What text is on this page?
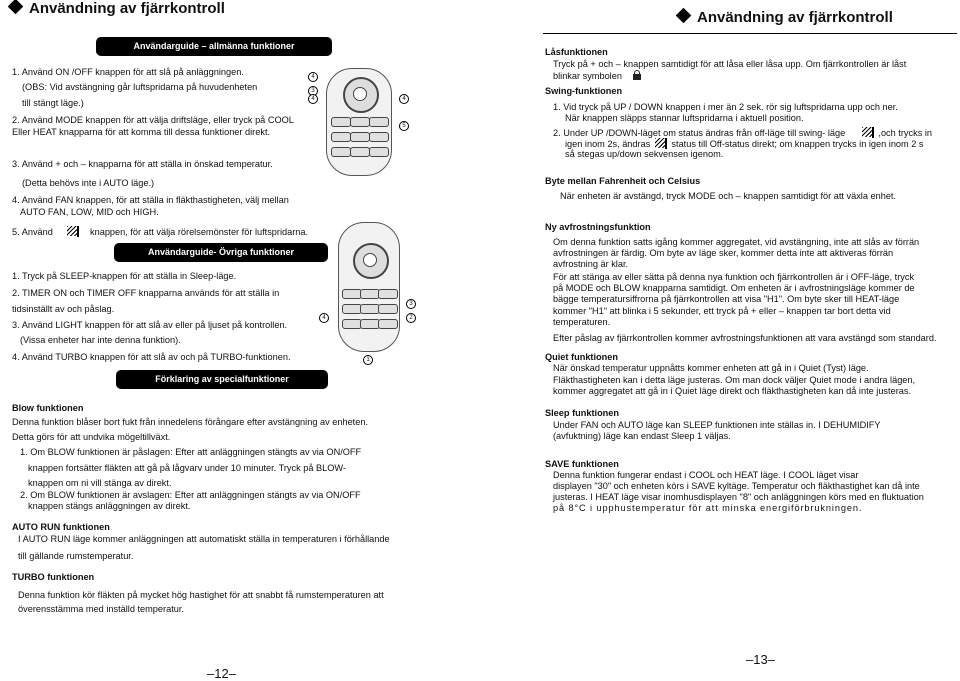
Användning av fjärrkontroll
Användarguide – allmänna funktioner
1. Använd ON /OFF knappen för att slå på anläggningen.
(OBS: Vid avstängning går luftspridarna på huvudenheten
till stängt läge.)
2. Använd MODE knappen för att välja driftsläge, eller tryck på COOL
Eller HEAT knapparna för att komma till dessa funktioner direkt.
3. Använd + och – knapparna för att ställa in önskad temperatur.
(Detta behövs inte i AUTO läge.)
4. Använd FAN knappen, för att ställa in fläkthastigheten, välj mellan
AUTO FAN, LOW, MID och HIGH.
5. Använd	knappen, för att välja rörelsemönster för luftspridarna.
Användarguide- Övriga funktioner
1. Tryck på SLEEP-knappen för att ställa in Sleep-läge.
2. TIMER ON och TIMER OFF knapparna används för att ställa in
tidsinställt av och påslag.
3. Använd LIGHT knappen för att slå av eller på ljuset på kontrollen.
(Vissa enheter har inte denna funktion).
4. Använd TURBO knappen för att slå av och på TURBO-funktionen.
Förklaring av specialfunktioner
Blow funktionen
Denna funktion blåser bort fukt från innedelens förångare efter avstängning av enheten.
Detta görs för att undvika mögeltillväxt.
1. Om BLOW funktionen är påslagen: Efter att anläggningen stängts av via ON/OFF
knappen fortsätter fläkten att gå på lågvarv under 10 minuter. Tryck på BLOW-
knappen om ni vill stänga av direkt.
2. Om BLOW funktionen är avslagen: Efter att anläggningen stängts av via ON/OFF
knappen stängs anläggningen av direkt.
AUTO RUN funktionen
I AUTO RUN läge kommer anläggningen att automatiskt ställa in temperaturen i förhållande
till gällande rumstemperatur.
TURBO funktionen
Denna funktion kör fläkten på mycket hög hastighet för att snabbt få rumstemperaturen att
överensstämma med inställd temperatur.
–12–
4
3
4	4
5
3
2
4
1
Användning av fjärrkontroll
Låsfunktionen
Tryck på + och – knappen samtidigt för att låsa eller låsa upp. Om fjärrkontrollen är låst
blinkar symbolen
Swing-funktionen
1. Vid tryck på UP / DOWN knappen i mer än 2 sek. rör sig luftspridarna upp och ner.
När knappen släpps stannar luftspridarna i aktuell position.
2. Under UP /DOWN-läget om status ändras från off-läge till swing- läge	,och trycks in
igen inom 2s, ändras status till Off-status direkt; om knappen trycks in igen inom 2 s
så stegas up/down sekvensen igenom.
Byte mellan Fahrenheit och Celsius
När enheten är avstängd, tryck MODE och – knappen samtidigt för att växla enhet.
Ny avfrostningsfunktion
Om denna funktion satts igång kommer aggregatet, vid avstängning, inte att slås av förrän
avfrostningen är färdig. Om byte av läge sker, kommer detta inte att aktiveras förrän
avfrostning är klar.
För att stänga av eller sätta på denna nya funktion och fjärrkontrollen är i OFF-läge, tryck
på MODE och BLOW knapparna samtidigt. Om enheten är i avfrostningsläge kommer de
bägge temperatursiffrorna på fjärrkontrollen att visa "H1". Om byte sker till HEAT-läge
kommer "H1" att blinka i 5 sekunder, ett tryck på + eller – knappen tar bort detta vid
temperaturen.
Efter påslag av fjärrkontrollen kommer avfrostningsfunktionen att vara avstängd som standard.
Quiet funktionen
När önskad temperatur uppnåtts kommer enheten att gå in i Quiet (Tyst) läge.
Fläkthastigheten kan i detta läge justeras. Om man dock väljer Quiet mode i andra lägen,
kommer aggregatet att gå in i Quiet läge direkt och fläkthastigheten kan då inte justeras.
Sleep funktionen
Under FAN och AUTO läge kan SLEEP funktionen inte ställas in. I DEHUMIDIFY
(avfuktning) läge kan endast Sleep 1 väljas.
SAVE funktionen
Denna funktion fungerar endast i COOL och HEAT läge. I COOL läget visar
displayen "30" och enheten körs i SAVE kyltäge. Temperatur och fläkthastighet kan då inte
justeras. I HEAT läge visar inomhusdisplayen "8" och anläggningen körs med en fluktuation
på 8°C i upphustemperatur för att minska energiförbrukningen.
–13–
